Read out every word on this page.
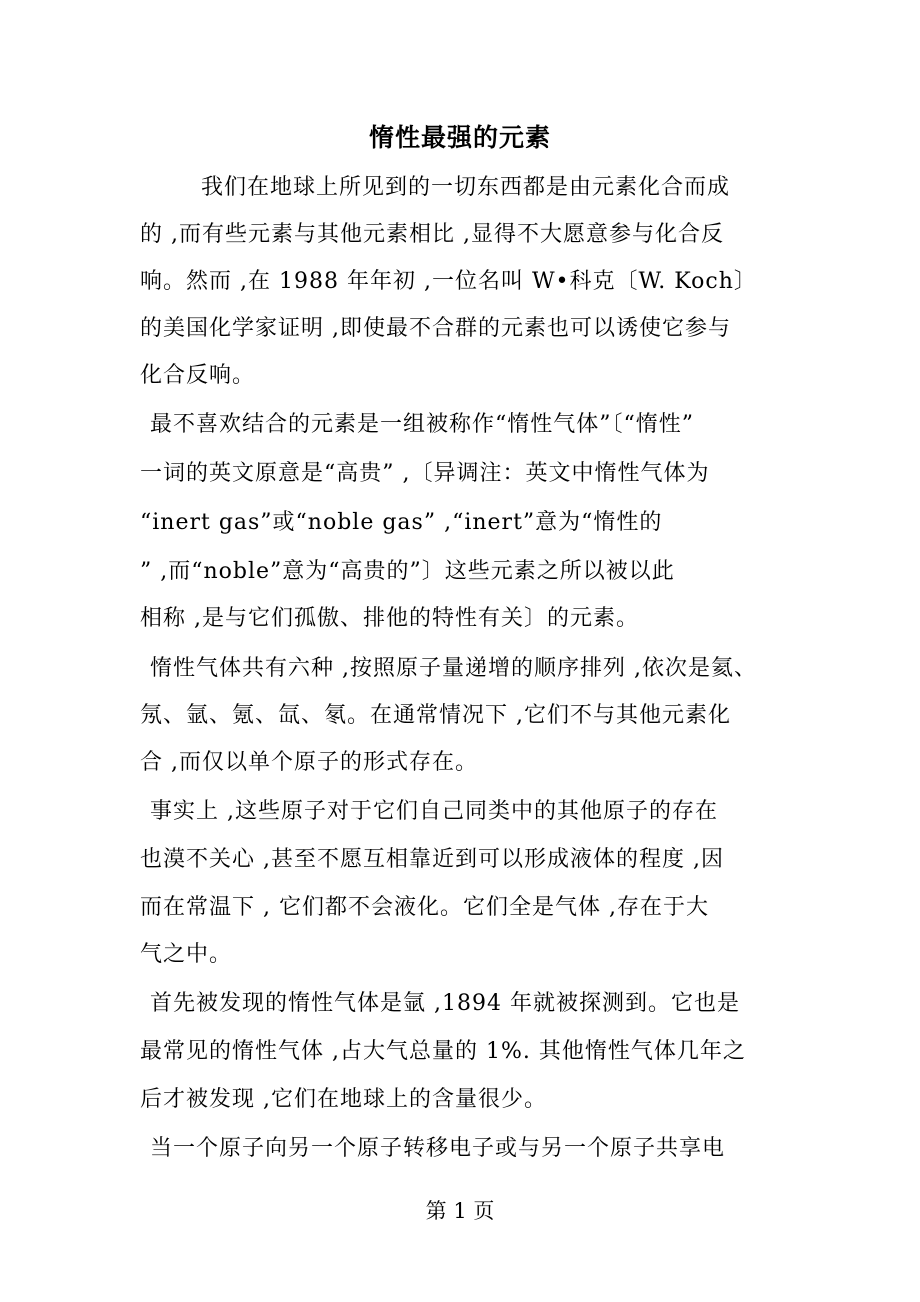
惰性最强的元素
我们在地球上所见到的一切东西都是由元素化合而成
的 ,而有些元素与其他元素相比 ,显得不大愿意参与化合反
响。然而 ,在 1988 年年初 ,一位名叫 W•科克〔W. Koch〕
的美国化学家证明 ,即使最不合群的元素也可以诱使它参与
化合反响。
最不喜欢结合的元素是一组被称作“惰性气体”〔“惰性”
一词的英文原意是“高贵” ,〔异调注：英文中惰性气体为
“inert gas”或“noble gas” ,“inert”意为“惰性的
” ,而“noble”意为“高贵的”〕这些元素之所以被以此
相称 ,是与它们孤傲、排他的特性有关〕的元素。
惰性气体共有六种 ,按照原子量递增的顺序排列 ,依次是氦、
氖、氩、氪、氙、氡。在通常情况下 ,它们不与其他元素化
合 ,而仅以单个原子的形式存在。
事实上 ,这些原子对于它们自己同类中的其他原子的存在
也漠不关心 ,甚至不愿互相靠近到可以形成液体的程度 ,因
而在常温下 , 它们都不会液化。它们全是气体 ,存在于大
气之中。
首先被发现的惰性气体是氩 ,1894 年就被探测到。它也是
最常见的惰性气体 ,占大气总量的 1%. 其他惰性气体几年之
后才被发现 ,它们在地球上的含量很少。
当一个原子向另一个原子转移电子或与另一个原子共享电
第 1 页
